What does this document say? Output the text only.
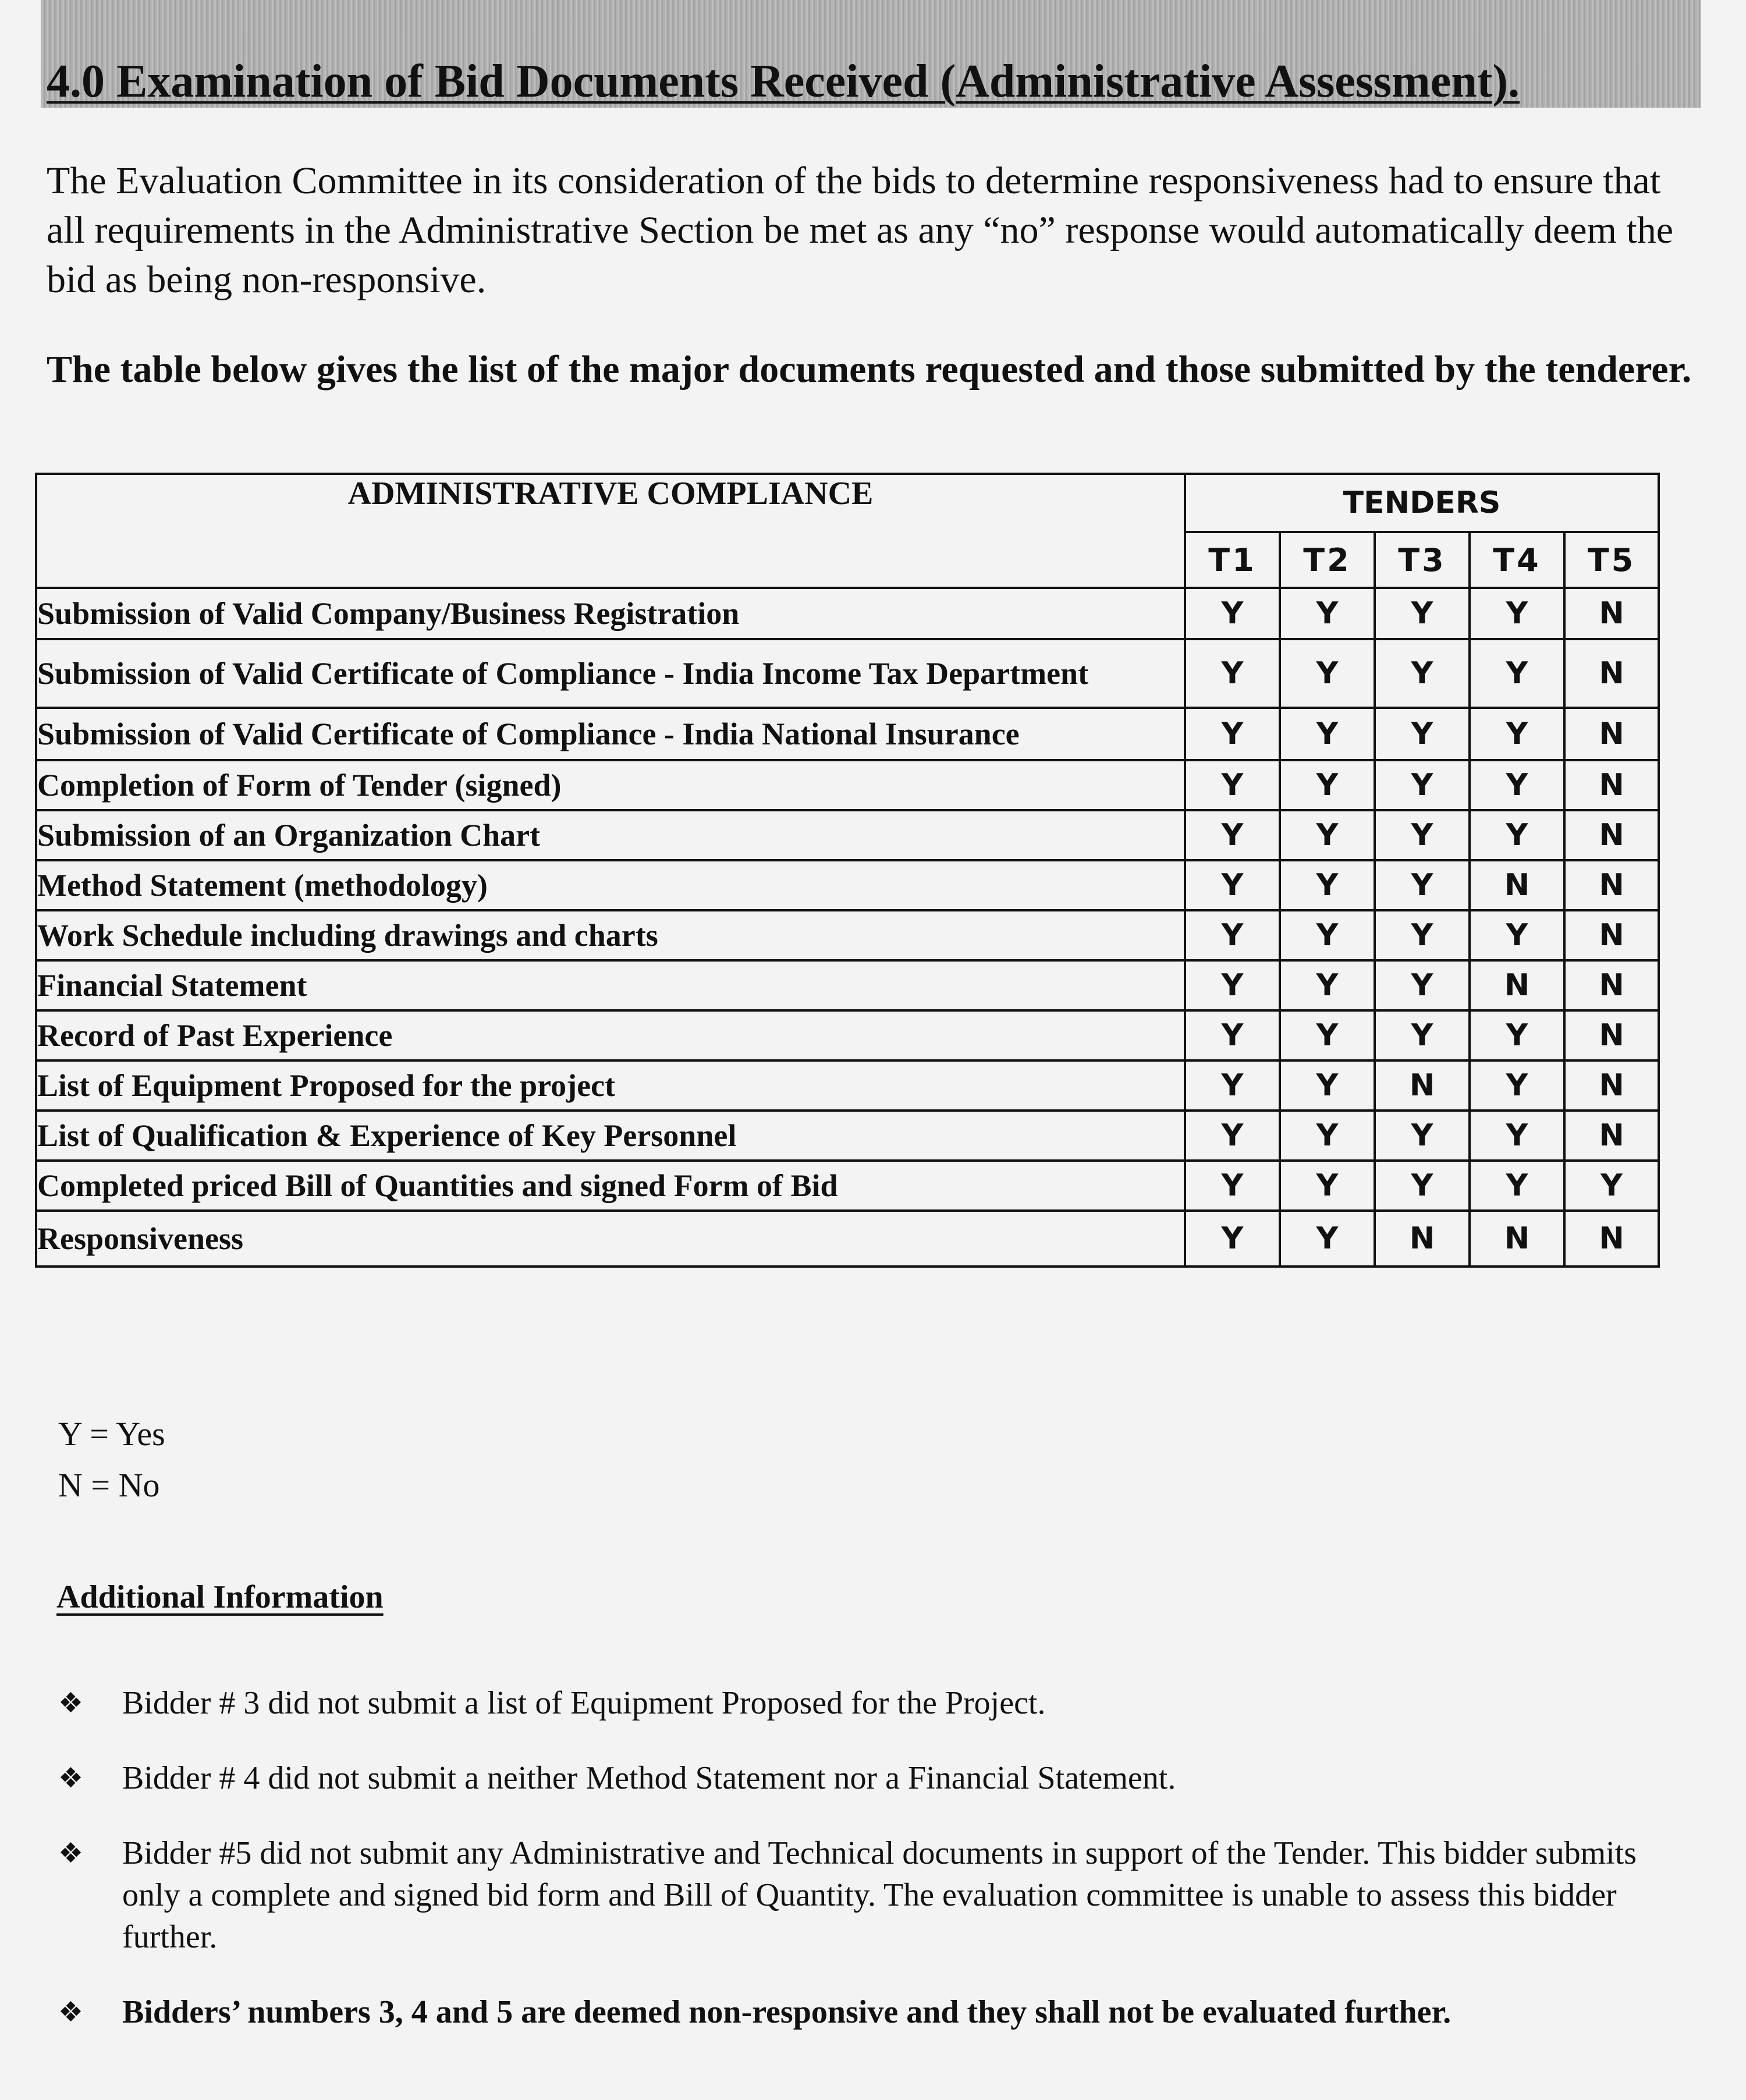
4.0 Examination of Bid Documents Received (Administrative Assessment).
The Evaluation Committee in its consideration of the bids to determine responsiveness had to ensure that all requirements in the Administrative Section be met as any “no” response would automatically deem the bid as being non-responsive.
The table below gives the list of the major documents requested and those submitted by the tenderer.
ADMINISTRATIVE COMPLIANCE	TENDERS				
	T1	T2	T3	T4	T5
Submission of Valid Company/Business Registration	Y	Y	Y	Y	N
Submission of Valid Certificate of Compliance - India Income Tax Department	Y	Y	Y	Y	N
Submission of Valid Certificate of Compliance - India National Insurance	Y	Y	Y	Y	N
Completion of Form of Tender (signed)	Y	Y	Y	Y	N
Submission of an Organization Chart	Y	Y	Y	Y	N
Method Statement (methodology)	Y	Y	Y	N	N
Work Schedule including drawings and charts	Y	Y	Y	Y	N
Financial Statement	Y	Y	Y	N	N
Record of Past Experience	Y	Y	Y	Y	N
List of Equipment Proposed for the project	Y	Y	N	Y	N
List of Qualification & Experience of Key Personnel	Y	Y	Y	Y	N
Completed priced Bill of Quantities and signed Form of Bid	Y	Y	Y	Y	Y
Responsiveness	Y	Y	N	N	N
Y = Yes
N = No
Additional Information
❖ Bidder # 3 did not submit a list of Equipment Proposed for the Project.
❖ Bidder # 4 did not submit a neither Method Statement nor a Financial Statement.
❖ Bidder #5 did not submit any Administrative and Technical documents in support of the Tender. This bidder submits only a complete and signed bid form and Bill of Quantity. The evaluation committee is unable to assess this bidder further.
❖ Bidders’ numbers 3, 4 and 5 are deemed non-responsive and they shall not be evaluated further.
